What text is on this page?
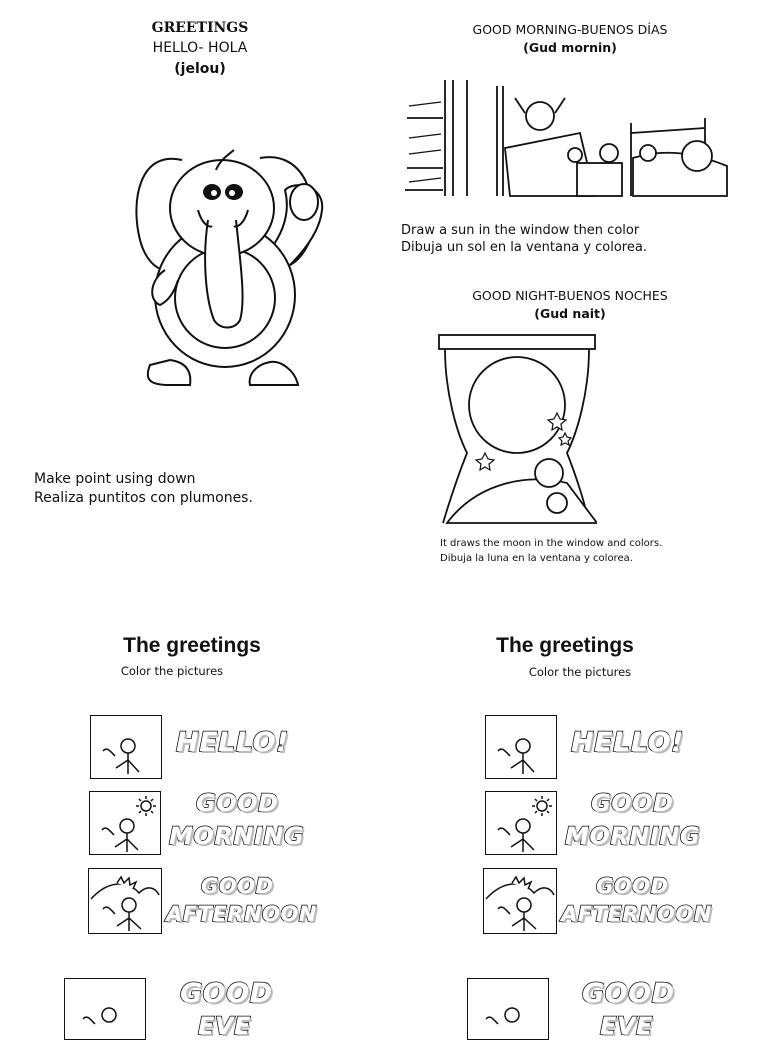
GREETINGS
HELLO- HOLA
(jelou)
Make point using down
Realiza puntitos con plumones.
GOOD MORNING-BUENOS DÍAS
(Gud mornin)
Draw a sun in the window then color
Dibuja un sol en la ventana y colorea.
GOOD NIGHT-BUENOS NOCHES
(Gud nait)
It draws the moon in the window and colors.
Dibuja la luna en la ventana y colorea.
The greetings
Color the pictures
HELLO!
GOOD
MORNING
GOOD
AFTERNOON
GOOD
EVE
The greetings
Color the pictures
HELLO!
GOOD
MORNING
GOOD
AFTERNOON
GOOD
EVE
